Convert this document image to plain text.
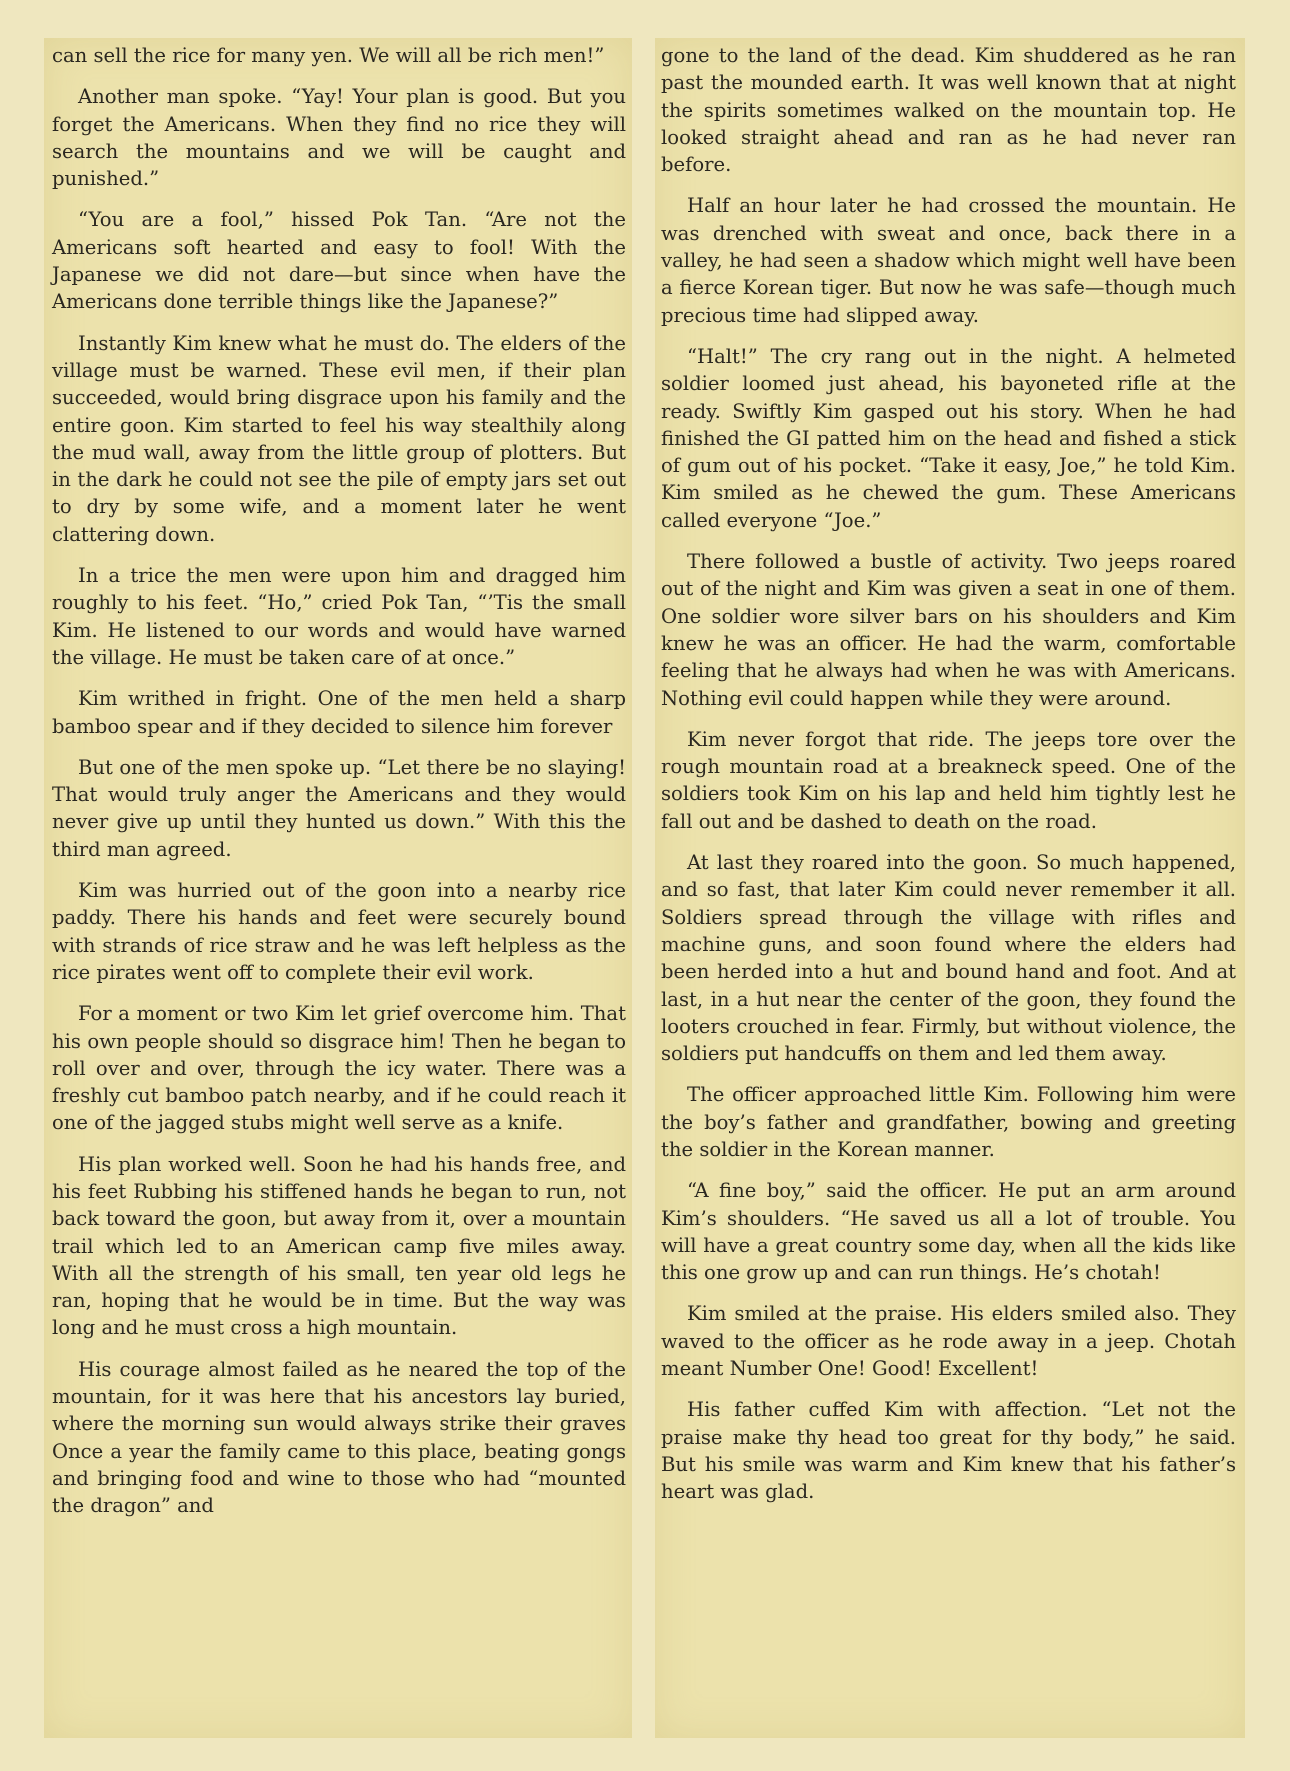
can sell the rice for many yen. We will all be rich men!”

Another man spoke. “Yay! Your plan is good. But you forget the Americans. When they find no rice they will search the mountains and we will be caught and punished.”

“You are a fool,” hissed Pok Tan. “Are not the Americans soft hearted and easy to fool! With the Japanese we did not dare—but since when have the Americans done terrible things like the Japanese?”

Instantly Kim knew what he must do. The elders of the village must be warned. These evil men, if their plan succeeded, would bring disgrace upon his family and the entire goon. Kim started to feel his way stealthily along the mud wall, away from the little group of plotters. But in the dark he could not see the pile of empty jars set out to dry by some wife, and a moment later he went clattering down.

In a trice the men were upon him and dragged him roughly to his feet. “Ho,” cried Pok Tan, “’Tis the small Kim. He listened to our words and would have warned the village. He must be taken care of at once.”

Kim writhed in fright. One of the men held a sharp bamboo spear and if they decided to silence him forever

But one of the men spoke up. “Let there be no slaying! That would truly anger the Americans and they would never give up until they hunted us down.” With this the third man agreed.

Kim was hurried out of the goon into a nearby rice paddy. There his hands and feet were securely bound with strands of rice straw and he was left helpless as the rice pirates went off to complete their evil work.

For a moment or two Kim let grief overcome him. That his own people should so disgrace him! Then he began to roll over and over, through the icy water. There was a freshly cut bamboo patch nearby, and if he could reach it one of the jagged stubs might well serve as a knife.

His plan worked well. Soon he had his hands free, and his feet Rubbing his stiffened hands he began to run, not back toward the goon, but away from it, over a mountain trail which led to an American camp five miles away. With all the strength of his small, ten year old legs he ran, hoping that he would be in time. But the way was long and he must cross a high mountain.

His courage almost failed as he neared the top of the mountain, for it was here that his ancestors lay buried, where the morning sun would always strike their graves Once a year the family came to this place, beating gongs and bringing food and wine to those who had “mounted the dragon” and

gone to the land of the dead. Kim shuddered as he ran past the mounded earth. It was well known that at night the spirits sometimes walked on the mountain top. He looked straight ahead and ran as he had never ran before.

Half an hour later he had crossed the mountain. He was drenched with sweat and once, back there in a valley, he had seen a shadow which might well have been a fierce Korean tiger. But now he was safe—though much precious time had slipped away.

“Halt!” The cry rang out in the night. A helmeted soldier loomed just ahead, his bayoneted rifle at the ready. Swiftly Kim gasped out his story. When he had finished the GI patted him on the head and fished a stick of gum out of his pocket. “Take it easy, Joe,” he told Kim. Kim smiled as he chewed the gum. These Americans called everyone “Joe.”

There followed a bustle of activity. Two jeeps roared out of the night and Kim was given a seat in one of them. One soldier wore silver bars on his shoulders and Kim knew he was an officer. He had the warm, comfortable feeling that he always had when he was with Americans. Nothing evil could happen while they were around.

Kim never forgot that ride. The jeeps tore over the rough mountain road at a breakneck speed. One of the soldiers took Kim on his lap and held him tightly lest he fall out and be dashed to death on the road.

At last they roared into the goon. So much happened, and so fast, that later Kim could never remember it all. Soldiers spread through the village with rifles and machine guns, and soon found where the elders had been herded into a hut and bound hand and foot. And at last, in a hut near the center of the goon, they found the looters crouched in fear. Firmly, but without violence, the soldiers put handcuffs on them and led them away.

The officer approached little Kim. Following him were the boy’s father and grandfather, bowing and greeting the soldier in the Korean manner.

“A fine boy,” said the officer. He put an arm around Kim’s shoulders. “He saved us all a lot of trouble. You will have a great country some day, when all the kids like this one grow up and can run things. He’s chotah!

Kim smiled at the praise. His elders smiled also. They waved to the officer as he rode away in a jeep. Chotah meant Number One! Good! Excellent!

His father cuffed Kim with affection. “Let not the praise make thy head too great for thy body,” he said. But his smile was warm and Kim knew that his father’s heart was glad.
